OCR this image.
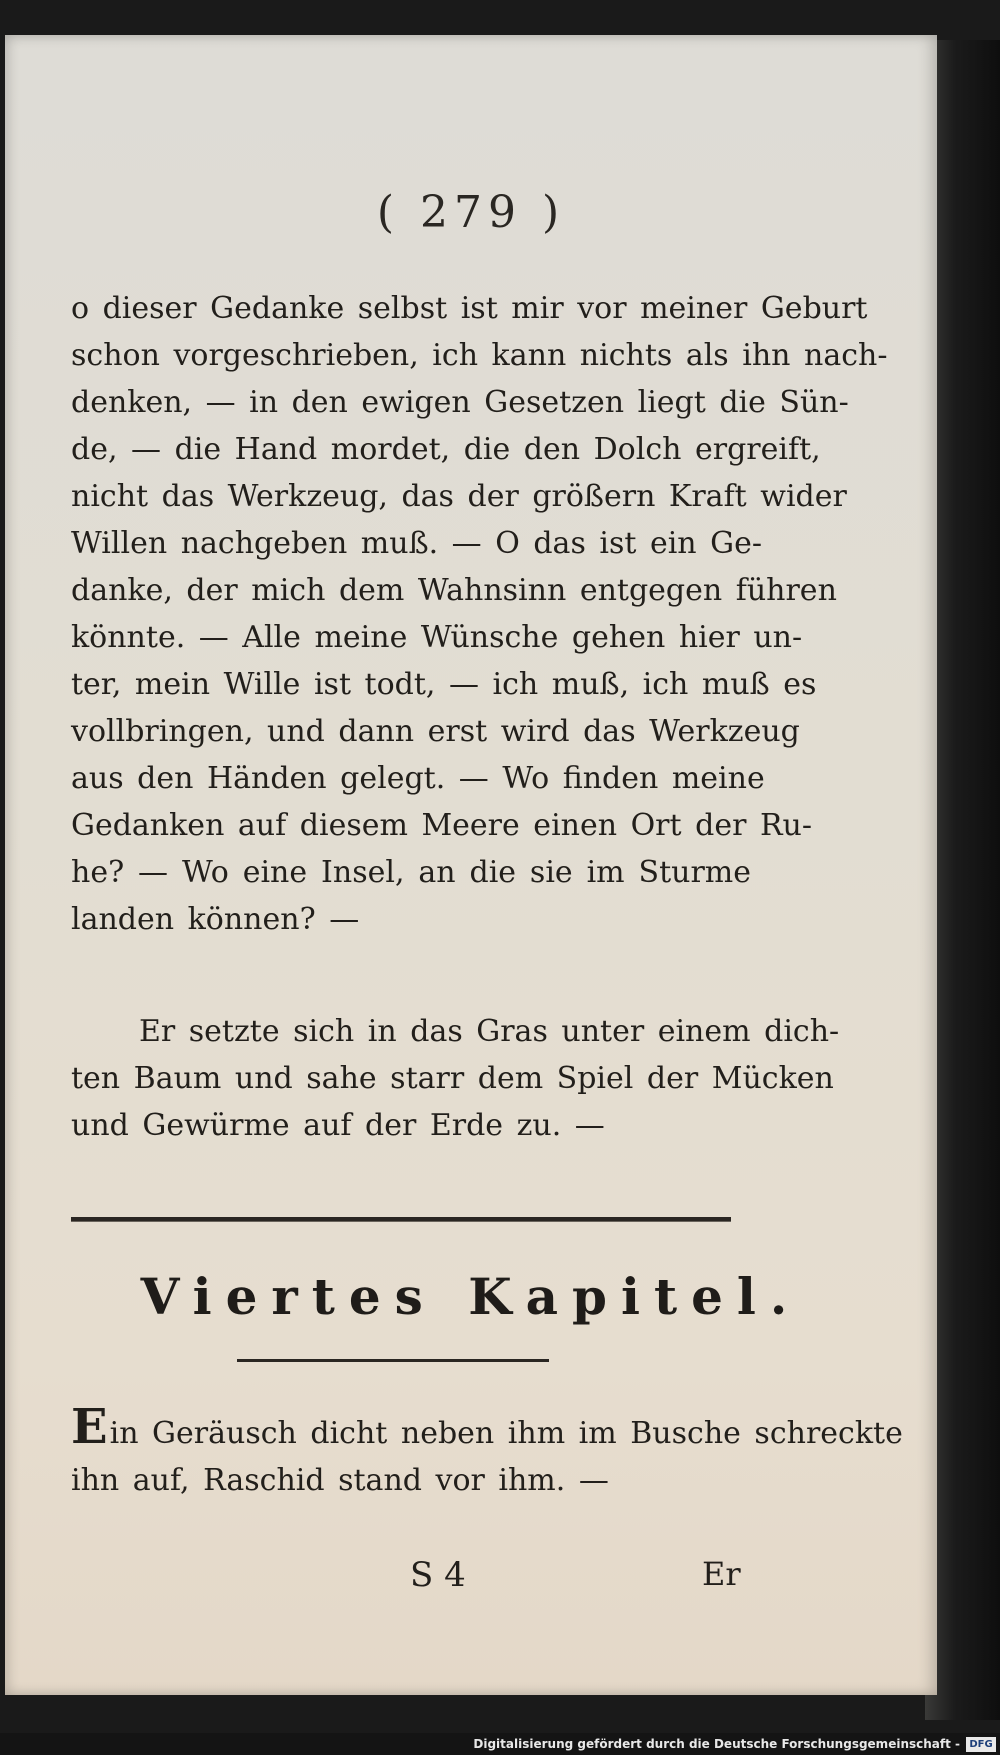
( 279 )
o dieser Gedanke selbst ist mir vor meiner Geburt
schon vorgeschrieben, ich kann nichts als ihn nach-
denken, — in den ewigen Gesetzen liegt die Sün-
de, — die Hand mordet, die den Dolch ergreift,
nicht das Werkzeug, das der größern Kraft wider
Willen nachgeben muß. — O das ist ein Ge-
danke, der mich dem Wahnsinn entgegen führen
könnte. — Alle meine Wünsche gehen hier un-
ter, mein Wille ist todt, — ich muß, ich muß es
vollbringen, und dann erst wird das Werkzeug
aus den Händen gelegt. — Wo finden meine
Gedanken auf diesem Meere einen Ort der Ru-
he? — Wo eine Insel, an die sie im Sturme
landen können? —
Er setzte sich in das Gras unter einem dich-
ten Baum und sahe starr dem Spiel der Mücken
und Gewürme auf der Erde zu. —
Viertes Kapitel.
Ein Geräusch dicht neben ihm im Busche schreckte
ihn auf, Raschid stand vor ihm. —
S 4	Er
Digitalisierung gefördert durch die Deutsche Forschungsgemeinschaft - DFG
